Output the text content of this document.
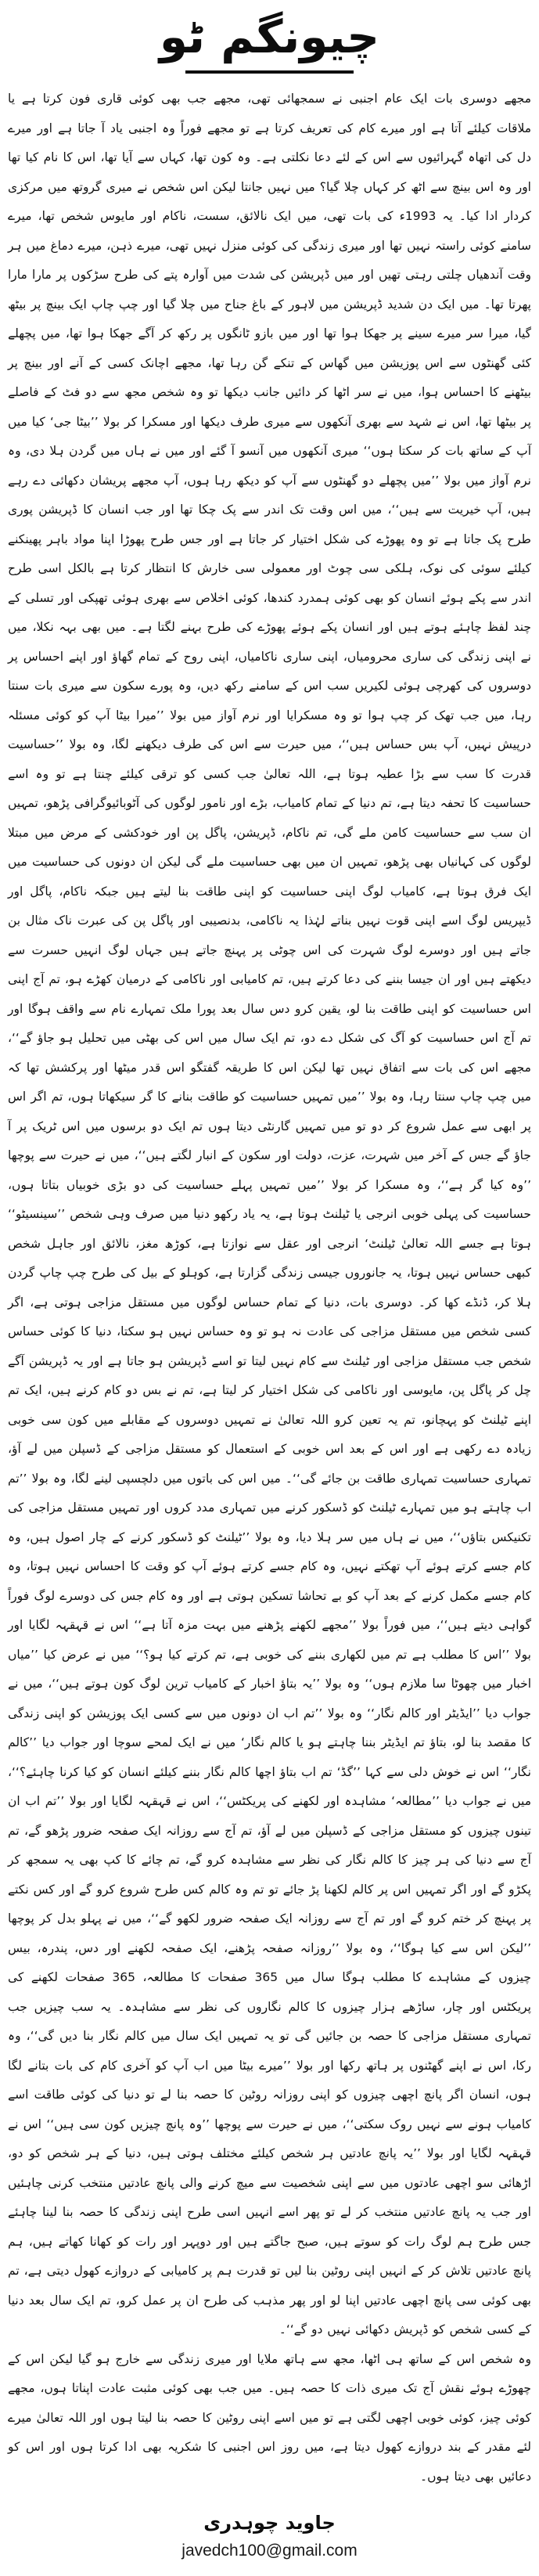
چیونگم ٹو

مجھے دوسری بات ایک عام اجنبی نے سمجھائی تھی، مجھے جب بھی کوئی قاری فون کرتا ہے یا ملاقات کیلئے آتا ہے اور میرے کام کی تعریف کرتا ہے تو مجھے فوراً وہ اجنبی یاد آ جاتا ہے اور میرے دل کی اتھاہ گہرائیوں سے اس کے لئے دعا نکلتی ہے۔ وہ کون تھا، کہاں سے آیا تھا، اس کا نام کیا تھا اور وہ اس بینچ سے اٹھ کر کہاں چلا گیا؟ میں نہیں جانتا لیکن اس شخص نے میری گروتھ میں مرکزی کردار ادا کیا۔ یہ 1993ء کی بات تھی، میں ایک نالائق، سست، ناکام اور مایوس شخص تھا، میرے سامنے کوئی راستہ نہیں تھا اور میری زندگی کی کوئی منزل نہیں تھی، میرے ذہن، میرے دماغ میں ہر وقت آندھیاں چلتی رہتی تھیں اور میں ڈپریشن کی شدت میں آوارہ پتے کی طرح سڑکوں پر مارا مارا پھرتا تھا۔ میں ایک دن شدید ڈپریشن میں لاہور کے باغ جناح میں چلا گیا اور چپ چاپ ایک بینچ پر بیٹھ گیا، میرا سر میرے سینے پر جھکا ہوا تھا اور میں بازو ٹانگوں پر رکھ کر آگے جھکا ہوا تھا، میں پچھلے کئی گھنٹوں سے اس پوزیشن میں گھاس کے تنکے گن رہا تھا، مجھے اچانک کسی کے آنے اور بینچ پر بیٹھنے کا احساس ہوا، میں نے سر اٹھا کر دائیں جانب دیکھا تو وہ شخص مجھ سے دو فٹ کے فاصلے پر بیٹھا تھا، اس نے شہد سے بھری آنکھوں سے میری طرف دیکھا اور مسکرا کر بولا ’’بیٹا جی‘ کیا میں آپ کے ساتھ بات کر سکتا ہوں‘‘ میری آنکھوں میں آنسو آ گئے اور میں نے ہاں میں گردن ہلا دی، وہ نرم آواز میں بولا ’’میں پچھلے دو گھنٹوں سے آپ کو دیکھ رہا ہوں، آپ مجھے پریشان دکھائی دے رہے ہیں، آپ خیریت سے ہیں‘‘، میں اس وقت تک اندر سے پک چکا تھا اور جب انسان کا ڈپریشن پوری طرح پک جاتا ہے تو وہ پھوڑے کی شکل اختیار کر جاتا ہے اور جس طرح پھوڑا اپنا مواد باہر پھینکنے کیلئے سوئی کی نوک، ہلکی سی چوٹ اور معمولی سی خارش کا انتظار کرتا ہے بالکل اسی طرح اندر سے پکے ہوئے انسان کو بھی کوئی ہمدرد کندھا، کوئی اخلاص سے بھری ہوئی تھپکی اور تسلی کے چند لفظ چاہئے ہوتے ہیں اور انسان پکے ہوئے پھوڑے کی طرح بہنے لگتا ہے۔ میں بھی بہہ نکلا، میں نے اپنی زندگی کی ساری محرومیاں، اپنی ساری ناکامیاں، اپنی روح کے تمام گھاؤ اور اپنے احساس پر دوسروں کی کھرچی ہوئی لکیریں سب اس کے سامنے رکھ دیں، وہ پورے سکون سے میری بات سنتا رہا، میں جب تھک کر چپ ہوا تو وہ مسکرایا اور نرم آواز میں بولا ’’میرا بیٹا آپ کو کوئی مسئلہ درپیش نہیں، آپ بس حساس ہیں‘‘، میں حیرت سے اس کی طرف دیکھنے لگا، وہ بولا ’’حساسیت قدرت کا سب سے بڑا عطیہ ہوتا ہے، اللہ تعالیٰ جب کسی کو ترقی کیلئے چنتا ہے تو وہ اسے حساسیت کا تحفہ دیتا ہے، تم دنیا کے تمام کامیاب، بڑے اور نامور لوگوں کی آٹوبائیوگرافی پڑھو، تمہیں ان سب سے حساسیت کامن ملے گی، تم ناکام، ڈپریشن، پاگل پن اور خودکشی کے مرض میں مبتلا لوگوں کی کہانیاں بھی پڑھو، تمہیں ان میں بھی حساسیت ملے گی لیکن ان دونوں کی حساسیت میں ایک فرق ہوتا ہے، کامیاب لوگ اپنی حساسیت کو اپنی طاقت بنا لیتے ہیں جبکہ ناکام، پاگل اور ڈیپریس لوگ اسے اپنی قوت نہیں بناتے لہٰذا یہ ناکامی، بدنصیبی اور پاگل پن کی عبرت ناک مثال بن جاتے ہیں اور دوسرے لوگ شہرت کی اس چوٹی پر پہنچ جاتے ہیں جہاں لوگ انہیں حسرت سے دیکھتے ہیں اور ان جیسا بننے کی دعا کرتے ہیں، تم کامیابی اور ناکامی کے درمیان کھڑے ہو، تم آج اپنی اس حساسیت کو اپنی طاقت بنا لو، یقین کرو دس سال بعد پورا ملک تمہارے نام سے واقف ہوگا اور تم آج اس حساسیت کو آگ کی شکل دے دو، تم ایک سال میں اس کی بھٹی میں تحلیل ہو جاؤ گے‘‘، مجھے اس کی بات سے اتفاق نہیں تھا لیکن اس کا طریقہ گفتگو اس قدر میٹھا اور پرکشش تھا کہ میں چپ چاپ سنتا رہا، وہ بولا ’’میں تمہیں حساسیت کو طاقت بنانے کا گر سیکھاتا ہوں، تم اگر اس پر ابھی سے عمل شروع کر دو تو میں تمہیں گارنٹی دیتا ہوں تم ایک دو برسوں میں اس ٹریک پر آ جاؤ گے جس کے آخر میں شہرت، عزت، دولت اور سکون کے انبار لگتے ہیں‘‘، میں نے حیرت سے پوچھا ’’وہ کیا گر ہے‘‘، وہ مسکرا کر بولا ’’میں تمہیں پہلے حساسیت کی دو بڑی خوبیاں بتاتا ہوں، حساسیت کی پہلی خوبی انرجی یا ٹیلنٹ ہوتا ہے، یہ یاد رکھو دنیا میں صرف وہی شخص ’’سینسیٹو‘‘ ہوتا ہے جسے اللہ تعالیٰ ٹیلنٹ‘ انرجی اور عقل سے نوازتا ہے، کوڑھ مغز، نالائق اور جاہل شخص کبھی حساس نہیں ہوتا، یہ جانوروں جیسی زندگی گزارتا ہے، کوہلو کے بیل کی طرح چپ چاپ گردن ہلا کر، ڈنڈے کھا کر۔ دوسری بات، دنیا کے تمام حساس لوگوں میں مستقل مزاجی ہوتی ہے، اگر کسی شخص میں مستقل مزاجی کی عادت نہ ہو تو وہ حساس نہیں ہو سکتا، دنیا کا کوئی حساس شخص جب مستقل مزاجی اور ٹیلنٹ سے کام نہیں لیتا تو اسے ڈپریشن ہو جاتا ہے اور یہ ڈپریشن آگے چل کر پاگل پن، مایوسی اور ناکامی کی شکل اختیار کر لیتا ہے، تم نے بس دو کام کرنے ہیں، ایک تم اپنے ٹیلنٹ کو پہچانو، تم یہ تعین کرو اللہ تعالیٰ نے تمہیں دوسروں کے مقابلے میں کون سی خوبی زیادہ دے رکھی ہے اور اس کے بعد اس خوبی کے استعمال کو مستقل مزاجی کے ڈسپلن میں لے آؤ، تمہاری حساسیت تمہاری طاقت بن جائے گی‘‘۔ میں اس کی باتوں میں دلچسپی لینے لگا، وہ بولا ’’تم اب چاہتے ہو میں تمہارے ٹیلنٹ کو ڈسکور کرنے میں تمہاری مدد کروں اور تمہیں مستقل مزاجی کی تکنیکس بتاؤں‘‘، میں نے ہاں میں سر ہلا دیا، وہ بولا ’’ٹیلنٹ کو ڈسکور کرنے کے چار اصول ہیں، وہ کام جسے کرتے ہوئے آپ تھکتے نہیں، وہ کام جسے کرتے ہوئے آپ کو وقت کا احساس نہیں ہوتا، وہ کام جسے مکمل کرنے کے بعد آپ کو بے تحاشا تسکین ہوتی ہے اور وہ کام جس کی دوسرے لوگ فوراً گواہی دیتے ہیں‘‘، میں فوراً بولا ’’مجھے لکھنے پڑھنے میں بہت مزہ آتا ہے‘‘ اس نے قہقہہ لگایا اور بولا ’’اس کا مطلب ہے تم میں لکھاری بننے کی خوبی ہے، تم کرتے کیا ہو؟‘‘ میں نے عرض کیا ’’میاں اخبار میں چھوٹا سا ملازم ہوں‘‘ وہ بولا ’’یہ بتاؤ اخبار کے کامیاب ترین لوگ کون ہوتے ہیں‘‘، میں نے جواب دیا ’’ایڈیٹر اور کالم نگار‘‘ وہ بولا ’’تم اب ان دونوں میں سے کسی ایک پوزیشن کو اپنی زندگی کا مقصد بنا لو، بتاؤ تم ایڈیٹر بننا چاہتے ہو یا کالم نگار‘ میں نے ایک لمحے سوچا اور جواب دیا ’’کالم نگار‘‘ اس نے خوش دلی سے کہا ’’گڈ‘ تم اب بتاؤ اچھا کالم نگار بننے کیلئے انسان کو کیا کرنا چاہئے؟‘‘، میں نے جواب دیا ’’مطالعہ‘ مشاہدہ اور لکھنے کی پریکٹس‘‘، اس نے قہقہہ لگایا اور بولا ’’تم اب ان تینوں چیزوں کو مستقل مزاجی کے ڈسپلن میں لے آؤ، تم آج سے روزانہ ایک صفحہ ضرور پڑھو گے، تم آج سے دنیا کی ہر چیز کا کالم نگار کی نظر سے مشاہدہ کرو گے، تم چائے کا کپ بھی یہ سمجھ کر پکڑو گے اور اگر تمہیں اس پر کالم لکھنا پڑ جائے تو تم وہ کالم کس طرح شروع کرو گے اور کس نکتے پر پہنچ کر ختم کرو گے اور تم آج سے روزانہ ایک صفحہ ضرور لکھو گے‘‘، میں نے پہلو بدل کر پوچھا ’’لیکن اس سے کیا ہوگا‘‘، وہ بولا ’’روزانہ صفحہ پڑھنے، ایک صفحہ لکھنے اور دس، پندرہ، بیس چیزوں کے مشاہدے کا مطلب ہوگا سال میں 365 صفحات کا مطالعہ، 365 صفحات لکھنے کی پریکٹس اور چار، ساڑھے ہزار چیزوں کا کالم نگاروں کی نظر سے مشاہدہ۔ یہ سب چیزیں جب تمہاری مستقل مزاجی کا حصہ بن جائیں گی تو یہ تمہیں ایک سال میں کالم نگار بنا دیں گی‘‘، وہ رکا، اس نے اپنے گھٹنوں پر ہاتھ رکھا اور بولا ’’میرے بیٹا میں اب آپ کو آخری کام کی بات بتانے لگا ہوں، انسان اگر پانچ اچھی چیزوں کو اپنی روزانہ روٹین کا حصہ بنا لے تو دنیا کی کوئی طاقت اسے کامیاب ہونے سے نہیں روک سکتی‘‘، میں نے حیرت سے پوچھا ’’وہ پانچ چیزیں کون سی ہیں‘‘ اس نے قہقہہ لگایا اور بولا ’’یہ پانچ عادتیں ہر شخص کیلئے مختلف ہوتی ہیں، دنیا کے ہر شخص کو دو، اڑھائی سو اچھی عادتوں میں سے اپنی شخصیت سے میچ کرنے والی پانچ عادتیں منتخب کرنی چاہئیں اور جب یہ پانچ عادتیں منتخب کر لے تو پھر اسے انہیں اسی طرح اپنی زندگی کا حصہ بنا لینا چاہئے جس طرح ہم لوگ رات کو سوتے ہیں، صبح جاگتے ہیں اور دوپہر اور رات کو کھانا کھاتے ہیں، ہم پانچ عادتیں تلاش کر کے انہیں اپنی روٹین بنا لیں تو قدرت ہم پر کامیابی کے دروازے کھول دیتی ہے، تم بھی کوئی سی پانچ اچھی عادتیں اپنا لو اور پھر مذہب کی طرح ان پر عمل کرو، تم ایک سال بعد دنیا کے کسی شخص کو ڈپریش دکھائی نہیں دو گے‘‘۔

وہ شخص اس کے ساتھ ہی اٹھا، مجھ سے ہاتھ ملایا اور میری زندگی سے خارج ہو گیا لیکن اس کے چھوڑے ہوئے نقش آج تک میری ذات کا حصہ ہیں۔ میں جب بھی کوئی مثبت عادت اپناتا ہوں، مجھے کوئی چیز، کوئی خوبی اچھی لگتی ہے تو میں اسے اپنی روٹین کا حصہ بنا لیتا ہوں اور اللہ تعالیٰ میرے لئے مقدر کے بند دروازے کھول دیتا ہے، میں روز اس اجنبی کا شکریہ بھی ادا کرتا ہوں اور اس کو دعائیں بھی دیتا ہوں۔

جاوید چوہدری

javedch100@gmail.com
